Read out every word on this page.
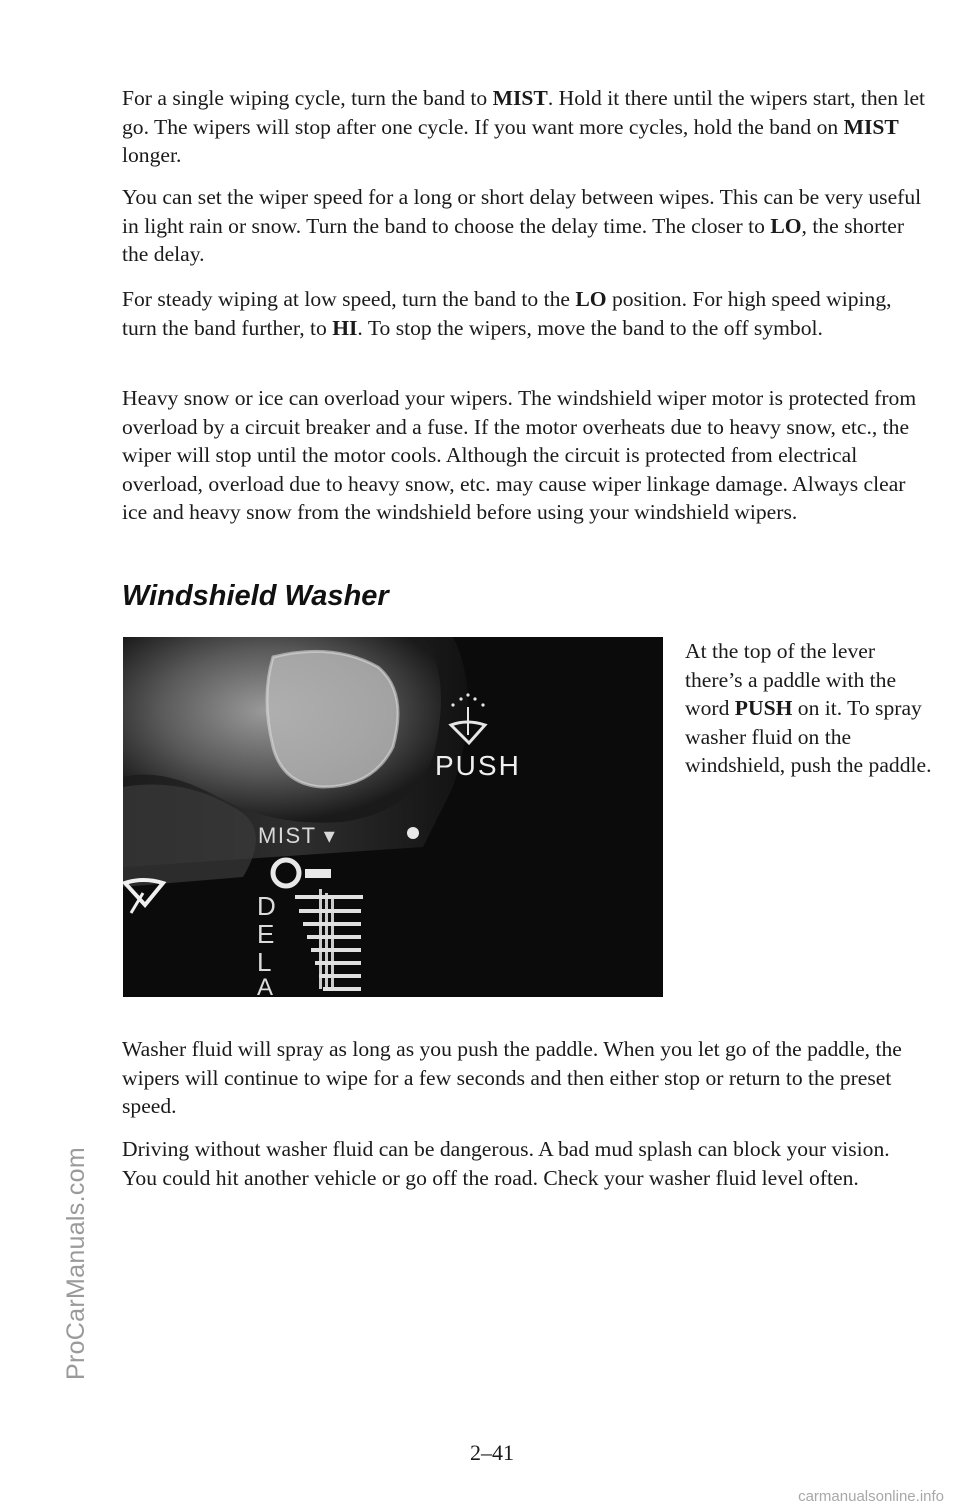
ProCarManuals.com

For a single wiping cycle, turn the band to MIST. Hold it there until the wipers start, then let go. The wipers will stop after one cycle. If you want more cycles, hold the band on MIST longer.

You can set the wiper speed for a long or short delay between wipes. This can be very useful in light rain or snow. Turn the band to choose the delay time. The closer to LO, the shorter the delay.

For steady wiping at low speed, turn the band to the LO position. For high speed wiping, turn the band further, to HI. To stop the wipers, move the band to the off symbol.

Heavy snow or ice can overload your wipers. The windshield wiper motor is protected from overload by a circuit breaker and a fuse. If the motor overheats due to heavy snow, etc., the wiper will stop until the motor cools. Although the circuit is protected from electrical overload, overload due to heavy snow, etc. may cause wiper linkage damage. Always clear ice and heavy snow from the windshield before using your windshield wipers.

Windshield Washer
PUSH
MIST ▾
D
E
L
A

At the top of the lever there’s a paddle with the word PUSH on it. To spray washer fluid on the windshield, push the paddle.

Washer fluid will spray as long as you push the paddle. When you let go of the paddle, the wipers will continue to wipe for a few seconds and then either stop or return to the preset speed.

Driving without washer fluid can be dangerous. A bad mud splash can block your vision. You could hit another vehicle or go off the road. Check your washer fluid level often.

2–41

carmanualsonline.info
